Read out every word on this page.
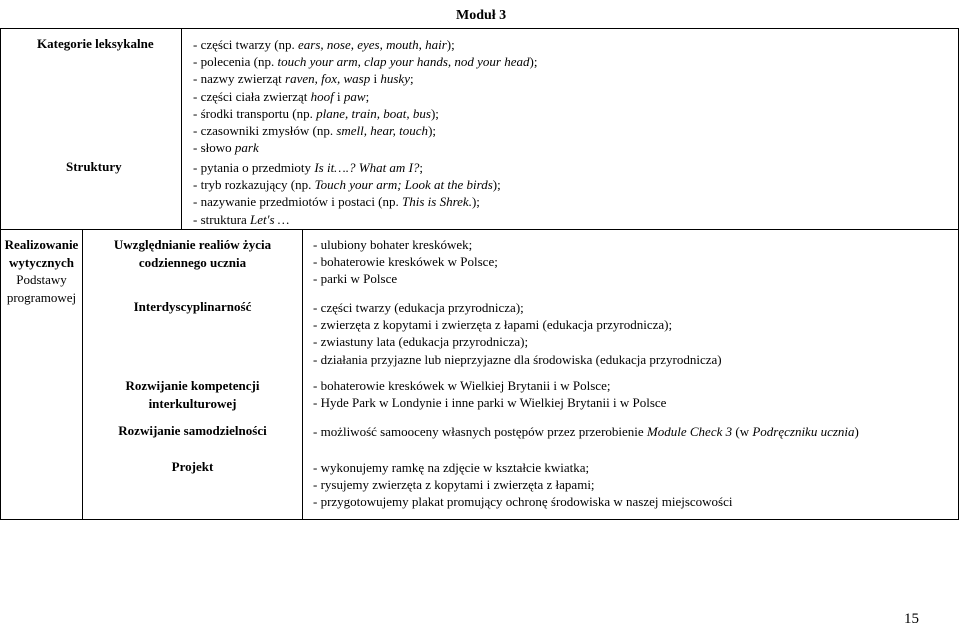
Moduł 3
Kategorie leksykalne	- części twarzy (np. ears, nose, eyes, mouth, hair);
- polecenia (np. touch your arm, clap your hands, nod your head);
- nazwy zwierząt raven, fox, wasp i husky;
- części ciała zwierząt hoof i paw;
- środki transportu (np. plane, train, boat, bus);
- czasowniki zmysłów (np. smell, hear, touch);
- słowo park
Struktury	- pytania o przedmioty Is it….? What am I?;
- tryb rozkazujący (np. Touch your arm; Look at the birds);
- nazywanie przedmiotów i postaci (np. This is Shrek.);
- struktura Let's …
Realizowanie
wytycznych
Podstawy
programowej
Uwzględnianie realiów życia
codziennego ucznia
Interdyscyplinarność
Rozwijanie kompetencji
interkulturowej
Rozwijanie samodzielności
Projekt
- ulubiony bohater kreskówek;
- bohaterowie kreskówek w Polsce;
- parki w Polsce
- części twarzy (edukacja przyrodnicza);
- zwierzęta z kopytami i zwierzęta z łapami (edukacja przyrodnicza);
- zwiastuny lata (edukacja przyrodnicza);
- działania przyjazne lub nieprzyjazne dla środowiska (edukacja przyrodnicza)
- bohaterowie kreskówek w Wielkiej Brytanii i w Polsce;
- Hyde Park w Londynie i inne parki w Wielkiej Brytanii i w Polsce
- możliwość samooceny własnych postępów przez przerobienie Module Check 3 (w Podręczniku ucznia)
- wykonujemy ramkę na zdjęcie w kształcie kwiatka;
- rysujemy zwierzęta z kopytami i zwierzęta z łapami;
- przygotowujemy plakat promujący ochronę środowiska w naszej miejscowości
15
